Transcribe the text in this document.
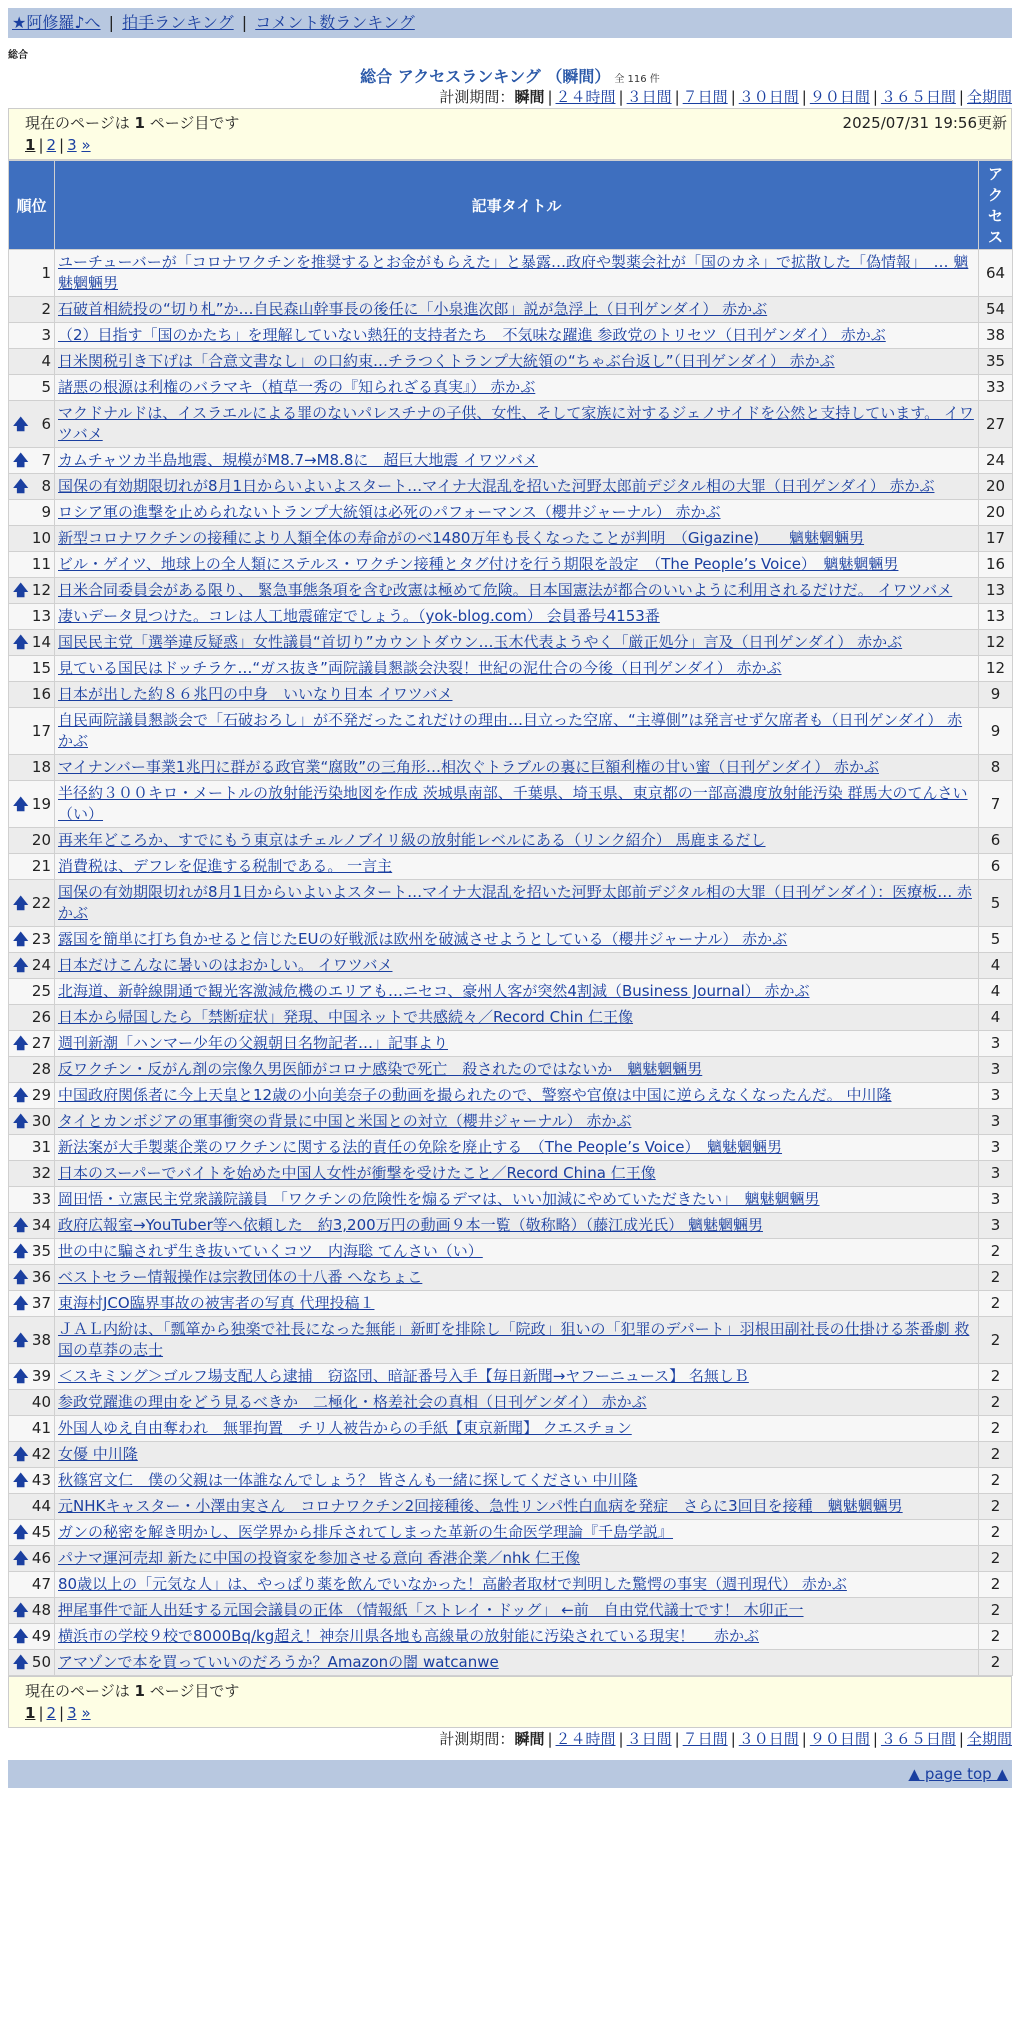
★阿修羅♪へ | 拍手ランキング | コメント数ランキング
総合
総合 アクセスランキング （瞬間） 全 116 件
計測期間：瞬間 | ２４時間 | ３日間 | ７日間 | ３０日間 | ９０日間 | ３６５日間 | 全期間
現在のページは 1 ページ目です	2025/07/31 19:56更新
1 | 2 | 3 »
順位	記事タイトル	アクセス
1	ユーチューバーが「コロナワクチンを推奨するとお金がもらえた」と暴露…政府や製薬会社が「国のカネ」で拡散した「偽情報」　… 魑魅魍魎男	64
2	石破首相続投の“切り札”か…自民森山幹事長の後任に「小泉進次郎」説が急浮上（日刊ゲンダイ） 赤かぶ	54
3	（2）目指す「国のかたち」を理解していない熱狂的支持者たち　不気味な躍進 参政党のトリセツ（日刊ゲンダイ） 赤かぶ	38
4	日米関税引き下げは「合意文書なし」の口約束…チラつくトランプ大統領の“ちゃぶ台返し”（日刊ゲンダイ） 赤かぶ	35
5	諸悪の根源は利権のバラマキ（植草一秀の『知られざる真実』） 赤かぶ	33

🡅 6	マクドナルドは、イスラエルによる罪のないパレスチナの子供、女性、そして家族に対するジェノサイドを公然と支持しています。 イワツバメ	27

🡅 7	カムチャツカ半島地震、規模がM8.7→M8.8に　超巨大地震 イワツバメ	24

🡅 8	国保の有効期限切れが8月1日からいよいよスタート…マイナ大混乱を招いた河野太郎前デジタル相の大罪（日刊ゲンダイ） 赤かぶ	20
9	ロシア軍の進撃を止められないトランプ大統領は必死のパフォーマンス（櫻井ジャーナル） 赤かぶ	20
10	新型コロナワクチンの接種により人類全体の寿命がのべ1480万年も長くなったことが判明　（Gigazine)　　魑魅魍魎男	17
11	ビル・ゲイツ、地球上の全人類にステルス・ワクチン接種とタグ付けを行う期限を設定　（The People’s Voice）　魑魅魍魎男	16

🡅 12	日米合同委員会がある限り、 緊急事態条項を含む改憲は極めて危険。日本国憲法が都合のいいように利用されるだけだ。 イワツバメ	13
13	凄いデータ見つけた。コレは人工地震確定でしょう。（yok-blog.com） 会員番号4153番	13

🡅 14	国民民主党「選挙違反疑惑」女性議員“首切り”カウントダウン…玉木代表ようやく「厳正処分」言及（日刊ゲンダイ） 赤かぶ	12
15	見ている国民はドッチラケ…“ガス抜き”両院議員懇談会決裂！世紀の泥仕合の今後（日刊ゲンダイ） 赤かぶ	12
16	日本が出した約８６兆円の中身　いいなり日本 イワツバメ	9
17	自民両院議員懇談会で「石破おろし」が不発だったこれだけの理由…目立った空席、“主導側”は発言せず欠席者も（日刊ゲンダイ） 赤かぶ	9
18	マイナンバー事業1兆円に群がる政官業“腐敗”の三角形…相次ぐトラブルの裏に巨額利権の甘い蜜（日刊ゲンダイ） 赤かぶ	8

🡅 19	半径約３００キロ・メートルの放射能汚染地図を作成 茨城県南部、千葉県、埼玉県、東京都の一部高濃度放射能汚染 群馬大のてんさい（い）	7
20	再来年どころか、すでにもう東京はチェルノブイリ級の放射能レベルにある（リンク紹介） 馬鹿まるだし	6
21	消費税は、デフレを促進する税制である。 一言主	6

🡅 22	国保の有効期限切れが8月1日からいよいよスタート…マイナ大混乱を招いた河野太郎前デジタル相の大罪（日刊ゲンダイ）：医療板… 赤かぶ	5

🡅 23	露国を簡単に打ち負かせると信じたEUの好戦派は欧州を破滅させようとしている（櫻井ジャーナル） 赤かぶ	5

🡅 24	日本だけこんなに暑いのはおかしい。 イワツバメ	4
25	北海道、新幹線開通で観光客激減危機のエリアも…ニセコ、豪州人客が突然4割減（Business Journal） 赤かぶ	4
26	日本から帰国したら「禁断症状」発現、中国ネットで共感続々／Record Chin 仁王像	4

🡅 27	週刊新潮「ハンマー少年の父親朝日名物記者…」記事より	3
28	反ワクチン・反がん剤の宗像久男医師がコロナ感染で死亡　殺されたのではないか　魑魅魍魎男	3

🡅 29	中国政府関係者に今上天皇と12歳の小向美奈子の動画を撮られたので、警察や官僚は中国に逆らえなくなったんだ。 中川隆	3

🡅 30	タイとカンボジアの軍事衝突の背景に中国と米国との対立（櫻井ジャーナル） 赤かぶ	3
31	新法案が大手製薬企業のワクチンに関する法的責任の免除を廃止する　（The People’s Voice）　魑魅魍魎男	3
32	日本のスーパーでバイトを始めた中国人女性が衝撃を受けたこと／Record China 仁王像	3
33	岡田悟・立憲民主党衆議院議員 「ワクチンの危険性を煽るデマは、いい加減にやめていただきたい」　魑魅魍魎男	3

🡅 34	政府広報室→YouTuber等へ依頼した　約3,200万円の動画９本一覧（敬称略）（藤江成光氏） 魑魅魍魎男	3

🡅 35	世の中に騙されず生き抜いていくコツ　内海聡 てんさい（い）	2

🡅 36	ベストセラー情報操作は宗教団体の十八番 へなちょこ	2

🡅 37	東海村JCO臨界事故の被害者の写真 代理投稿１	2

🡅 38	ＪＡＬ内紛は、「瓢箪から独楽で社長になった無能」新町を排除し「院政」狙いの「犯罪のデパート」羽根田副社長の仕掛ける茶番劇 救国の草莽の志士	2

🡅 39	＜スキミング＞ゴルフ場支配人ら逮捕　窃盗団、暗証番号入手【毎日新聞→ヤフーニュース】 名無しＢ	2
40	参政党躍進の理由をどう見るべきか　二極化・格差社会の真相（日刊ゲンダイ） 赤かぶ	2
41	外国人ゆえ自由奪われ　無罪拘置　チリ人被告からの手紙【東京新聞】 クエスチョン	2

🡅 42	女優 中川隆	2

🡅 43	秋篠宮文仁　僕の父親は一体誰なんでしょう？ 皆さんも一緒に探してください 中川隆	2
44	元NHKキャスター・小澤由実さん　コロナワクチン2回接種後、急性リンパ性白血病を発症　さらに3回目を接種　魑魅魍魎男	2

🡅 45	ガンの秘密を解き明かし、医学界から排斥されてしまった革新の生命医学理論『千島学説』	2

🡅 46	パナマ運河売却 新たに中国の投資家を参加させる意向 香港企業／nhk 仁王像	2
47	80歳以上の「元気な人」は、やっぱり薬を飲んでいなかった！高齢者取材で判明した驚愕の事実（週刊現代） 赤かぶ	2

🡅 48	押尾事件で証人出廷する元国会議員の正体 （情報紙「ストレイ・ドッグ」 ←前　自由党代議士です！ 木卯正一	2

🡅 49	横浜市の学校９校で8000Bq/kg超え！神奈川県各地も高線量の放射能に汚染されている現実！　 赤かぶ	2

🡅 50	アマゾンで本を買っていいのだろうか？Amazonの闇 watcanwe	2
現在のページは 1 ページ目です
1 | 2 | 3 »
計測期間：瞬間 | ２４時間 | ３日間 | ７日間 | ３０日間 | ９０日間 | ３６５日間 | 全期間
▲ page top ▲
